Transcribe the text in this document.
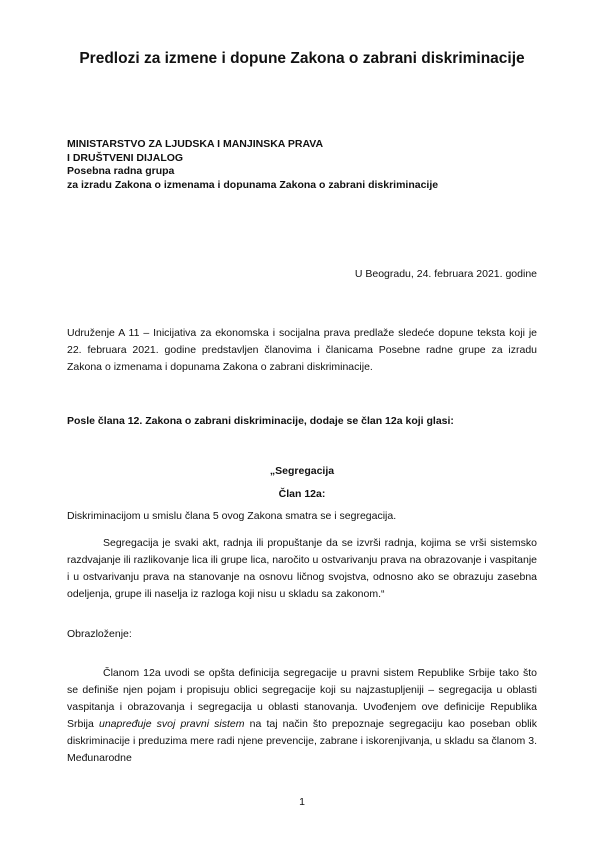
Predlozi za izmene i dopune Zakona o zabrani diskriminacije
MINISTARSTVO ZA LJUDSKA I MANJINSKA PRAVA
I DRUŠTVENI DIJALOG
Posebna radna grupa
za izradu Zakona o izmenama i dopunama Zakona o zabrani diskriminacije
U Beogradu, 24. februara 2021. godine
Udruženje A 11 – Inicijativa za ekonomska i socijalna prava predlaže sledeće dopune teksta koji je 22. februara 2021. godine predstavljen članovima i članicama Posebne radne grupe za izradu Zakona o izmenama i dopunama Zakona o zabrani diskriminacije.
Posle člana 12. Zakona o zabrani diskriminacije, dodaje se član 12a koji glasi:
„Segregacija
Član 12a:
Diskriminacijom u smislu člana 5 ovog Zakona smatra se i segregacija.
Segregacija je svaki akt, radnja ili propuštanje da se izvrši radnja, kojima se vrši sistemsko razdvajanje ili razlikovanje lica ili grupe lica, naročito u ostvarivanju prava na obrazovanje i vaspitanje i u ostvarivanju prava na stanovanje na osnovu ličnog svojstva, odnosno ako se obrazuju zasebna odeljenja, grupe ili naselja iz razloga koji nisu u skladu sa zakonom.“
Obrazloženje:
Članom 12a uvodi se opšta definicija segregacije u pravni sistem Republike Srbije tako što se definiše njen pojam i propisuju oblici segregacije koji su najzastupljeniji – segregacija u oblasti vaspitanja i obrazovanja i segregacija u oblasti stanovanja. Uvođenjem ove definicije Republika Srbija unapređuje svoj pravni sistem na taj način što prepoznaje segregaciju kao poseban oblik diskriminacije i preduzima mere radi njene prevencije, zabrane i iskorenjivanja, u skladu sa članom 3. Međunarodne
1
